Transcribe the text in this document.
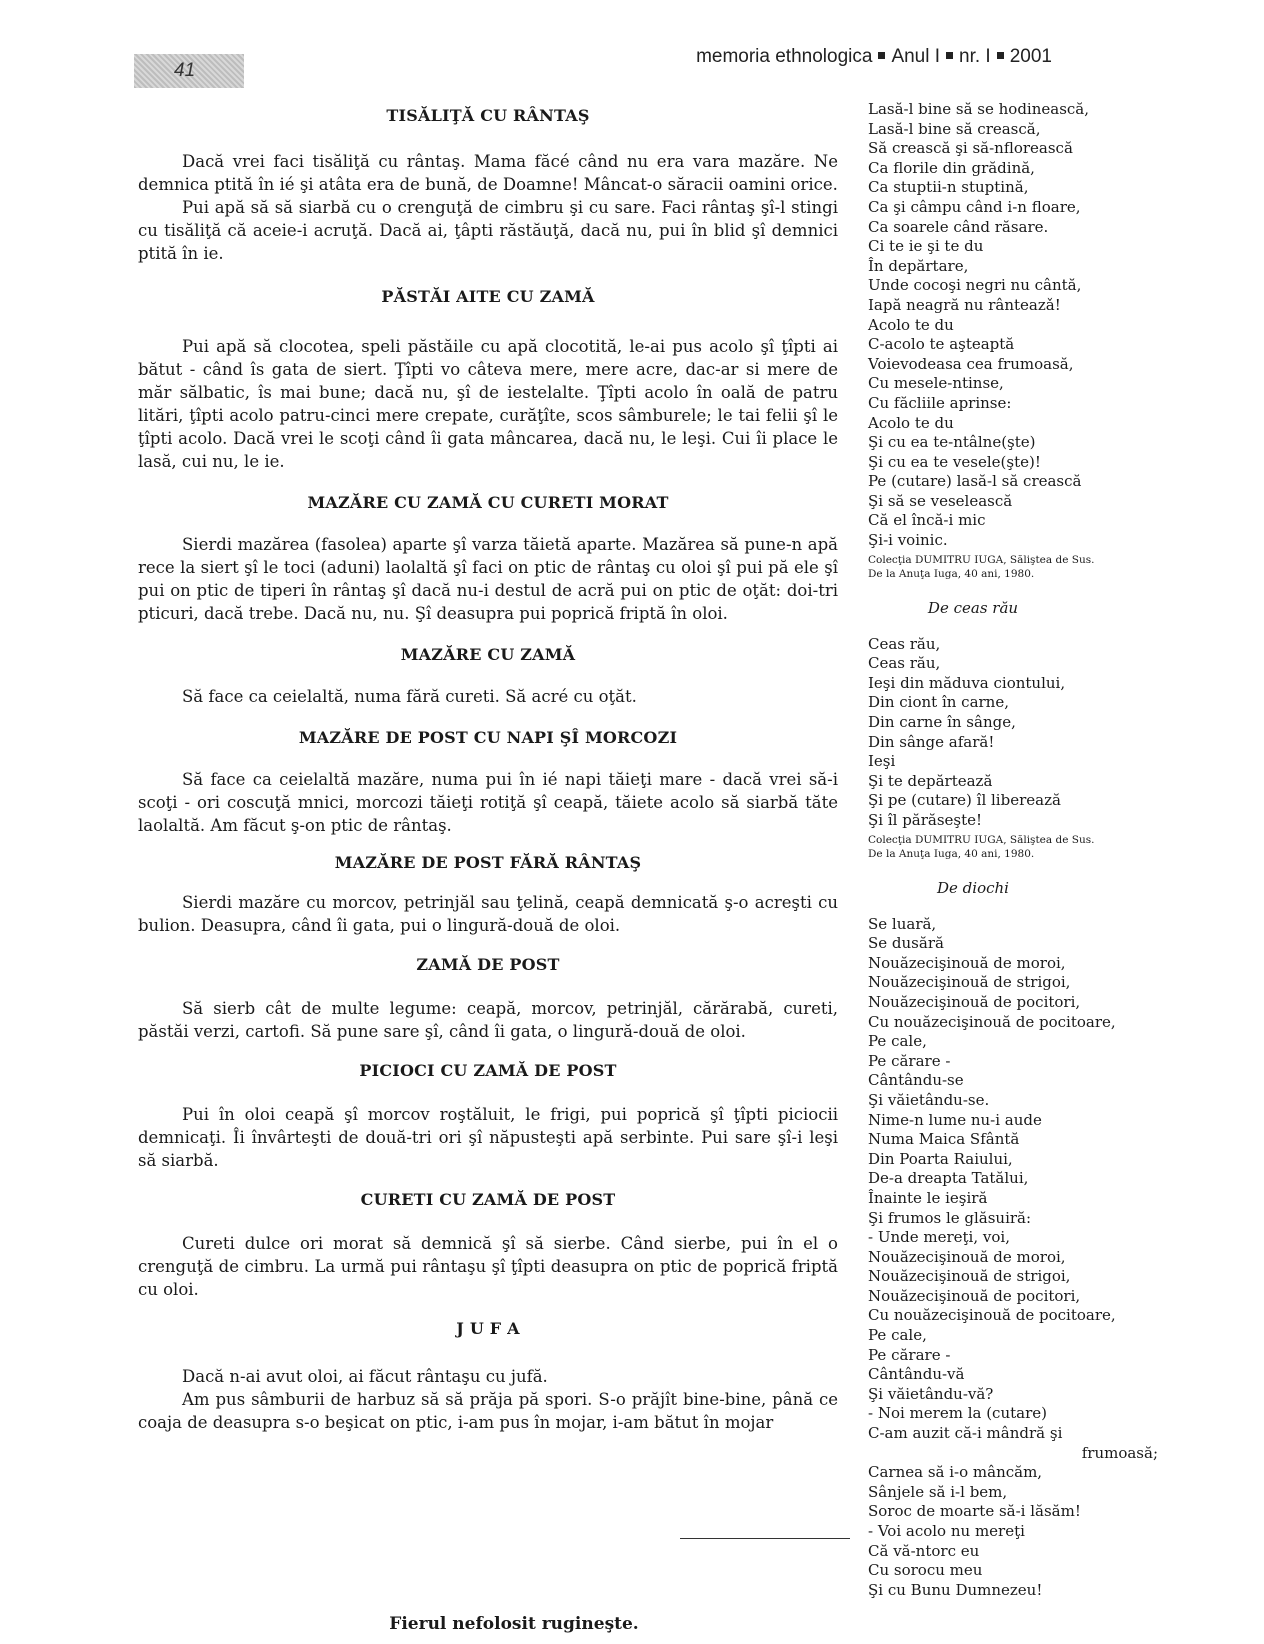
41
memoria ethnologica Anul I nr. I 2001
TISĂLIŢĂ CU RÂNTAŞ

Dacă vrei faci tisăliţă cu rântaş. Mama făcé când nu era vara mazăre. Ne demnica ptită în ié şi atâta era de bună, de Doamne! Mâncat-o săracii oamini orice.

Pui apă să să siarbă cu o crenguţă de cimbru şi cu sare. Faci rântaş şî-l stingi cu tisăliţă că aceie-i acruţă. Dacă ai, ţâpti răstăuţă, dacă nu, pui în blid şî demnici ptită în ie.

PĂSTĂI AITE CU ZAMĂ

Pui apă să clocotea, speli păstăile cu apă clocotită, le-ai pus acolo şî ţîpti ai bătut - când îs gata de siert. Ţîpti vo câteva mere, mere acre, dac-ar si mere de măr sălbatic, îs mai bune; dacă nu, şî de iestelalte. Ţîpti acolo în oală de patru litări, ţîpti acolo patru-cinci mere crepate, curăţîte, scos sâmburele; le tai felii şî le ţîpti acolo. Dacă vrei le scoţi când îi gata mâncarea, dacă nu, le leşi. Cui îi place le lasă, cui nu, le ie.

MAZĂRE CU ZAMĂ CU CURETI MORAT

Sierdi mazărea (fasolea) aparte şî varza tăietă aparte. Mazărea să pune-n apă rece la siert şî le toci (aduni) laolaltă şî faci on ptic de rântaş cu oloi şî pui pă ele şî pui on ptic de tiperi în rântaş şî dacă nu-i destul de acră pui on ptic de oţăt: doi-tri pticuri, dacă trebe. Dacă nu, nu. Şî deasupra pui poprică friptă în oloi.

MAZĂRE CU ZAMĂ

Să face ca ceielaltă, numa fără cureti. Să acré cu oţăt.

MAZĂRE DE POST CU NAPI ŞÎ MORCOZI

Să face ca ceielaltă mazăre, numa pui în ié napi tăieţi mare - dacă vrei să-i scoţi - ori coscuţă mnici, morcozi tăieţi rotiţă şî ceapă, tăiete acolo să siarbă tăte laolaltă. Am făcut ş-on ptic de rântaş.

MAZĂRE DE POST FĂRĂ RÂNTAŞ

Sierdi mazăre cu morcov, petrinjăl sau ţelină, ceapă demnicată ş-o acreşti cu bulion. Deasupra, când îi gata, pui o lingură-două de oloi.

ZAMĂ DE POST

Să sierb cât de multe legume: ceapă, morcov, petrinjăl, cărărabă, cureti, păstăi verzi, cartofi. Să pune sare şî, când îi gata, o lingură-două de oloi.

PICIOCI CU ZAMĂ DE POST

Pui în oloi ceapă şî morcov roştăluit, le frigi, pui poprică şî ţîpti piciocii demnicaţi. Îi învârteşti de două-tri ori şî năpusteşti apă serbinte. Pui sare şî-i leşi să siarbă.

CURETI CU ZAMĂ DE POST

Cureti dulce ori morat să demnică şî să sierbe. Când sierbe, pui în el o crenguţă de cimbru. La urmă pui rântaşu şî ţîpti deasupra on ptic de poprică friptă cu oloi.

J U F A

Dacă n-ai avut oloi, ai făcut rântaşu cu jufă.

Am pus sâmburii de harbuz să să prăja pă spori. S-o prăjît bine-bine, până ce coaja de deasupra s-o beşicat on ptic, i-am pus în mojar, i-am bătut în mojar

Fierul nefolosit rugineşte.

Lasă-l bine să se hodinească,

Lasă-l bine să crească,

Să crească şi să-nflorească

Ca florile din grădină,

Ca stuptii-n stuptină,

Ca şi câmpu când i-n floare,

Ca soarele când răsare.

Ci te ie şi te du

În depărtare,

Unde cocoşi negri nu cântă,

Iapă neagră nu rânteazǎ!

Acolo te du

C-acolo te aşteaptă

Voievodeasa cea frumoasă,

Cu mesele-ntinse,

Cu făcliile aprinse:

Acolo te du

Şi cu ea te-ntâlne(şte)

Şi cu ea te vesele(şte)!

Pe (cutare) lasă-l să crească

Şi să se veselească

Că el încă-i mic

Şi-i voinic.

Colecţia DUMITRU IUGA, Săliştea de Sus.

De la Anuţa Iuga, 40 ani, 1980.

De ceas rău

Ceas rău,

Ceas rău,

Ieşi din măduva ciontului,

Din ciont în carne,

Din carne în sânge,

Din sânge afară!

Ieşi

Şi te depărtează

Şi pe (cutare) îl liberează

Şi îl părăseşte!

Colecţia DUMITRU IUGA, Săliştea de Sus.

De la Anuţa Iuga, 40 ani, 1980.

De diochi

Se luară,

Se dusără

Nouăzecişinouă de moroi,

Nouăzecişinouă de strigoi,

Nouăzecişinouă de pocitori,

Cu nouăzecişinouă de pocitoare,

Pe cale,

Pe cărare -

Cântându-se

Şi văietându-se.

Nime-n lume nu-i aude

Numa Maica Sfântă

Din Poarta Raiului,

De-a dreapta Tatălui,

Înainte le ieşiră

Şi frumos le glăsuiră:

- Unde mereţi, voi,

Nouăzecişinouă de moroi,

Nouăzecişinouă de strigoi,

Nouăzecişinouă de pocitori,

Cu nouăzecişinouă de pocitoare,

Pe cale,

Pe cărare -

Cântându-vă

Şi văietându-vă?

- Noi merem la (cutare)

C-am auzit că-i mândră şi

frumoasă;

Carnea să i-o mâncăm,

Sânjele să i-l bem,

Soroc de moarte să-i lăsăm!

- Voi acolo nu mereţi

Că vă-ntorc eu

Cu sorocu meu

Şi cu Bunu Dumnezeu!
